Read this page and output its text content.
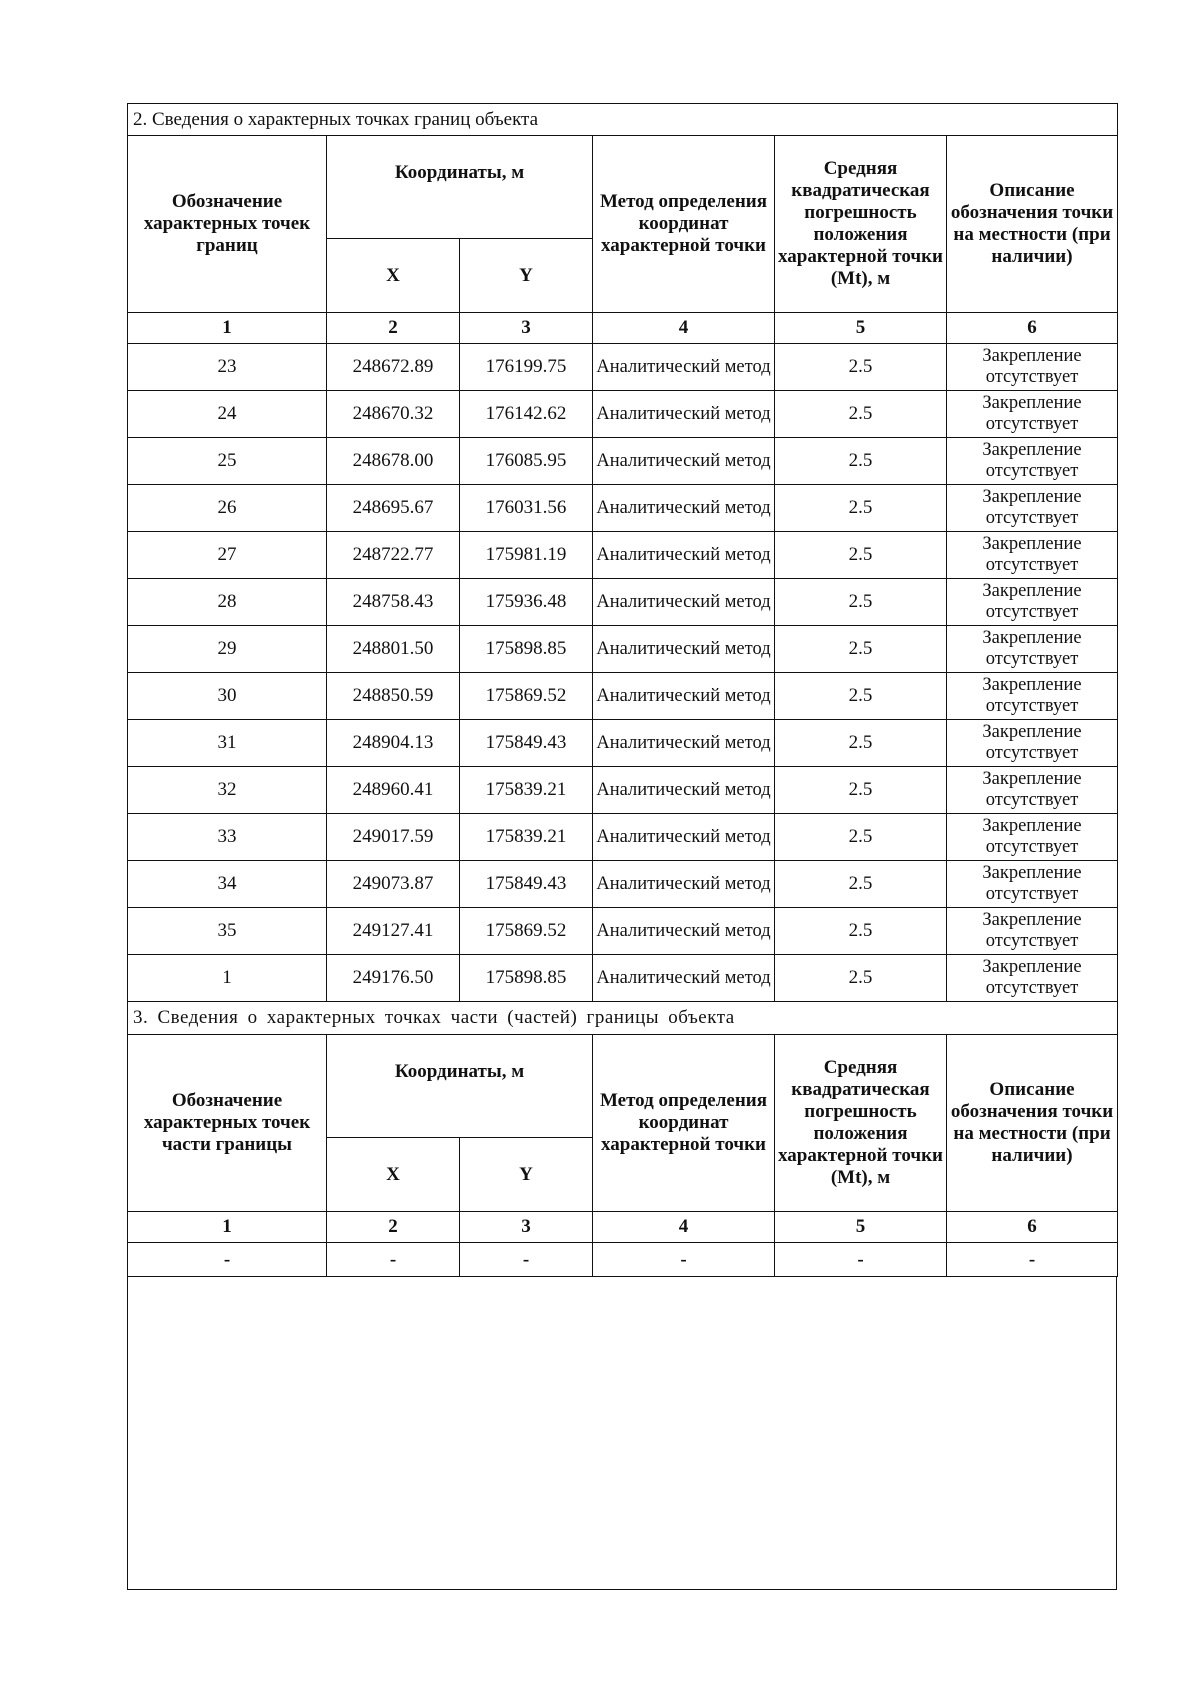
2. Сведения о характерных точках границ объекта					
Обозначение характерных точек границ	Координаты, м		Метод определения координат характерной точки	Средняя квадратическая погрешность положения характерной точки (Mt), м	Описание обозначения точки на местности (при наличии)
	X	Y			
1	2	3	4	5	6
23	248672.89	176199.75	Аналитический метод	2.5	Закрепление отсутствует
24	248670.32	176142.62	Аналитический метод	2.5	Закрепление отсутствует
25	248678.00	176085.95	Аналитический метод	2.5	Закрепление отсутствует
26	248695.67	176031.56	Аналитический метод	2.5	Закрепление отсутствует
27	248722.77	175981.19	Аналитический метод	2.5	Закрепление отсутствует
28	248758.43	175936.48	Аналитический метод	2.5	Закрепление отсутствует
29	248801.50	175898.85	Аналитический метод	2.5	Закрепление отсутствует
30	248850.59	175869.52	Аналитический метод	2.5	Закрепление отсутствует
31	248904.13	175849.43	Аналитический метод	2.5	Закрепление отсутствует
32	248960.41	175839.21	Аналитический метод	2.5	Закрепление отсутствует
33	249017.59	175839.21	Аналитический метод	2.5	Закрепление отсутствует
34	249073.87	175849.43	Аналитический метод	2.5	Закрепление отсутствует
35	249127.41	175869.52	Аналитический метод	2.5	Закрепление отсутствует
1	249176.50	175898.85	Аналитический метод	2.5	Закрепление отсутствует
3. Сведения о характерных точках части (частей) границы объекта					
Обозначение характерных точек части границы	Координаты, м		Метод определения координат характерной точки	Средняя квадратическая погрешность положения характерной точки (Mt), м	Описание обозначения точки на местности (при наличии)
	X	Y			
1	2	3	4	5	6
-	-	-	-	-	-
